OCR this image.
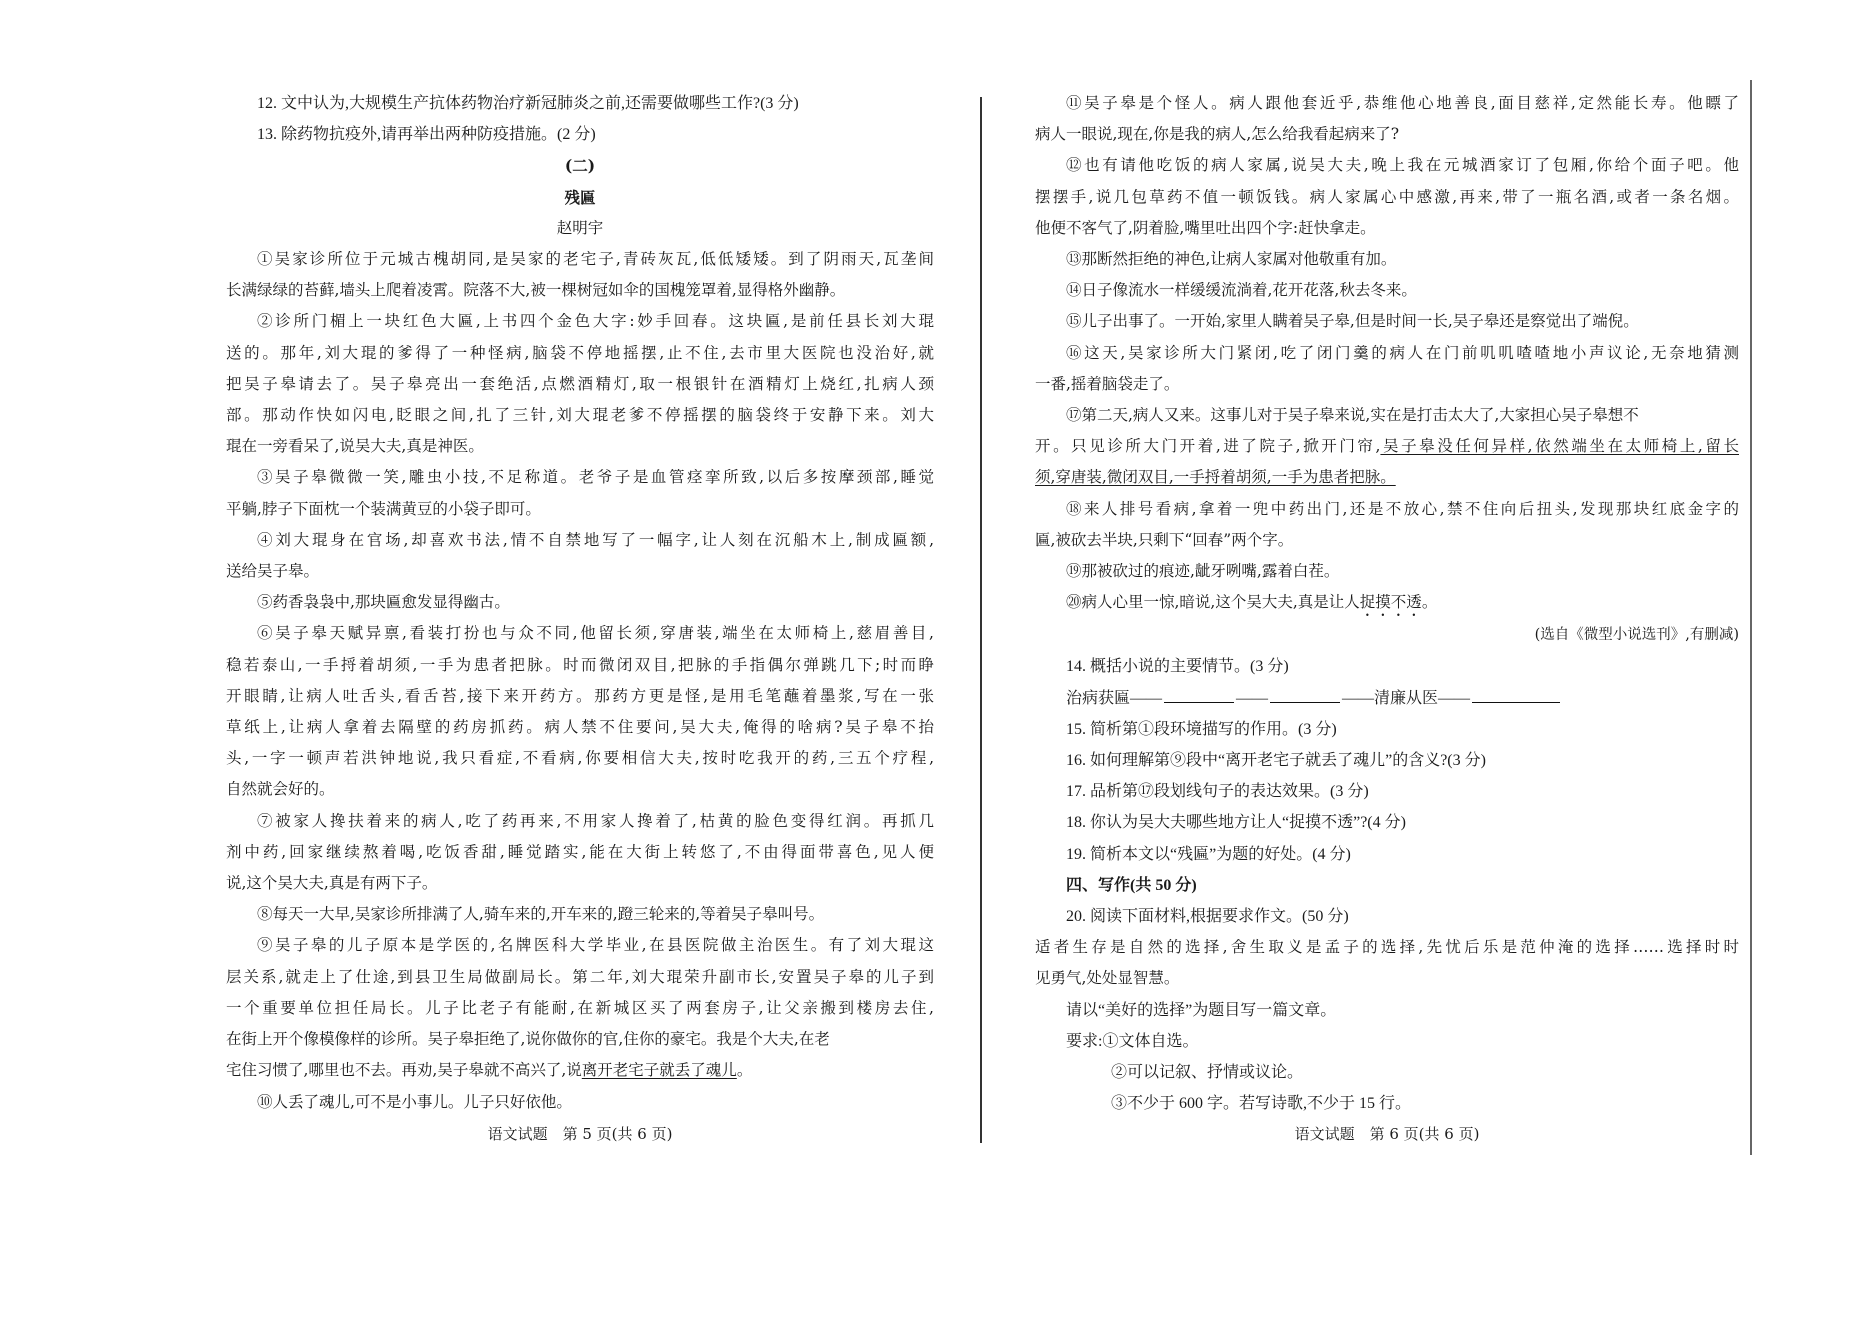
12. 文中认为,大规模生产抗体药物治疗新冠肺炎之前,还需要做哪些工作?(3 分)

13. 除药物抗疫外,请再举出两种防疫措施。(2 分)

(二)

残匾

赵明宇

①吴家诊所位于元城古槐胡同,是吴家的老宅子,青砖灰瓦,低低矮矮。到了阴雨天,瓦垄间

长满绿绿的苔藓,墙头上爬着凌霄。院落不大,被一棵树冠如伞的国槐笼罩着,显得格外幽静。

②诊所门楣上一块红色大匾,上书四个金色大字:妙手回春。这块匾,是前任县长刘大琨

送的。那年,刘大琨的爹得了一种怪病,脑袋不停地摇摆,止不住,去市里大医院也没治好,就

把吴子皋请去了。吴子皋亮出一套绝活,点燃酒精灯,取一根银针在酒精灯上烧红,扎病人颈

部。那动作快如闪电,眨眼之间,扎了三针,刘大琨老爹不停摇摆的脑袋终于安静下来。刘大

琨在一旁看呆了,说吴大夫,真是神医。

③吴子皋微微一笑,雕虫小技,不足称道。老爷子是血管痉挛所致,以后多按摩颈部,睡觉

平躺,脖子下面枕一个装满黄豆的小袋子即可。

④刘大琨身在官场,却喜欢书法,情不自禁地写了一幅字,让人刻在沉船木上,制成匾额,

送给吴子皋。

⑤药香袅袅中,那块匾愈发显得幽古。

⑥吴子皋天赋异禀,看装打扮也与众不同,他留长须,穿唐装,端坐在太师椅上,慈眉善目,

稳若泰山,一手捋着胡须,一手为患者把脉。时而微闭双目,把脉的手指偶尔弹跳几下;时而睁

开眼睛,让病人吐舌头,看舌苔,接下来开药方。那药方更是怪,是用毛笔蘸着墨浆,写在一张

草纸上,让病人拿着去隔壁的药房抓药。病人禁不住要问,吴大夫,俺得的啥病?吴子皋不抬

头,一字一顿声若洪钟地说,我只看症,不看病,你要相信大夫,按时吃我开的药,三五个疗程,

自然就会好的。

⑦被家人搀扶着来的病人,吃了药再来,不用家人搀着了,枯黄的脸色变得红润。再抓几

剂中药,回家继续熬着喝,吃饭香甜,睡觉踏实,能在大街上转悠了,不由得面带喜色,见人便

说,这个吴大夫,真是有两下子。

⑧每天一大早,吴家诊所排满了人,骑车来的,开车来的,蹬三轮来的,等着吴子皋叫号。

⑨吴子皋的儿子原本是学医的,名牌医科大学毕业,在县医院做主治医生。有了刘大琨这

层关系,就走上了仕途,到县卫生局做副局长。第二年,刘大琨荣升副市长,安置吴子皋的儿子到

一个重要单位担任局长。儿子比老子有能耐,在新城区买了两套房子,让父亲搬到楼房去住,

在街上开个像模像样的诊所。吴子皋拒绝了,说你做你的官,住你的豪宅。我是个大夫,在老

宅住习惯了,哪里也不去。再劝,吴子皋就不高兴了,说离开老宅子就丢了魂儿。

⑩人丢了魂儿,可不是小事儿。儿子只好依他。

⑪吴子皋是个怪人。病人跟他套近乎,恭维他心地善良,面目慈祥,定然能长寿。他瞟了

病人一眼说,现在,你是我的病人,怎么给我看起病来了?

⑫也有请他吃饭的病人家属,说吴大夫,晚上我在元城酒家订了包厢,你给个面子吧。他

摆摆手,说几包草药不值一顿饭钱。病人家属心中感激,再来,带了一瓶名酒,或者一条名烟。

他便不客气了,阴着脸,嘴里吐出四个字:赶快拿走。

⑬那断然拒绝的神色,让病人家属对他敬重有加。

⑭日子像流水一样缓缓流淌着,花开花落,秋去冬来。

⑮儿子出事了。一开始,家里人瞒着吴子皋,但是时间一长,吴子皋还是察觉出了端倪。

⑯这天,吴家诊所大门紧闭,吃了闭门羹的病人在门前叽叽喳喳地小声议论,无奈地猜测

一番,摇着脑袋走了。

⑰第二天,病人又来。这事儿对于吴子皋来说,实在是打击太大了,大家担心吴子皋想不

开。只见诊所大门开着,进了院子,掀开门帘,吴子皋没任何异样,依然端坐在太师椅上,留长

须,穿唐装,微闭双目,一手捋着胡须,一手为患者把脉。

⑱来人排号看病,拿着一兜中药出门,还是不放心,禁不住向后扭头,发现那块红底金字的

匾,被砍去半块,只剩下“回春”两个字。

⑲那被砍过的痕迹,龇牙咧嘴,露着白茬。

⑳病人心里一惊,暗说,这个吴大夫,真是让人捉摸不透。

(选自《微型小说选刊》,有删减)

14. 概括小说的主要情节。(3 分)

治病获匾——	——	——清廉从医——

15. 简析第①段环境描写的作用。(3 分)

16. 如何理解第⑨段中“离开老宅子就丢了魂儿”的含义?(3 分)

17. 品析第⑰段划线句子的表达效果。(3 分)

18. 你认为吴大夫哪些地方让人“捉摸不透”?(4 分)

19. 简析本文以“残匾”为题的好处。(4 分)

四、写作(共 50 分)

20. 阅读下面材料,根据要求作文。(50 分)

适者生存是自然的选择,舍生取义是孟子的选择,先忧后乐是范仲淹的选择……选择时时

见勇气,处处显智慧。

请以“美好的选择”为题目写一篇文章。

要求:①文体自选。

②可以记叙、抒情或议论。

③不少于 600 字。若写诗歌,不少于 15 行。

语文试题　第 5 页(共 6 页)	语文试题　第 6 页(共 6 页)
